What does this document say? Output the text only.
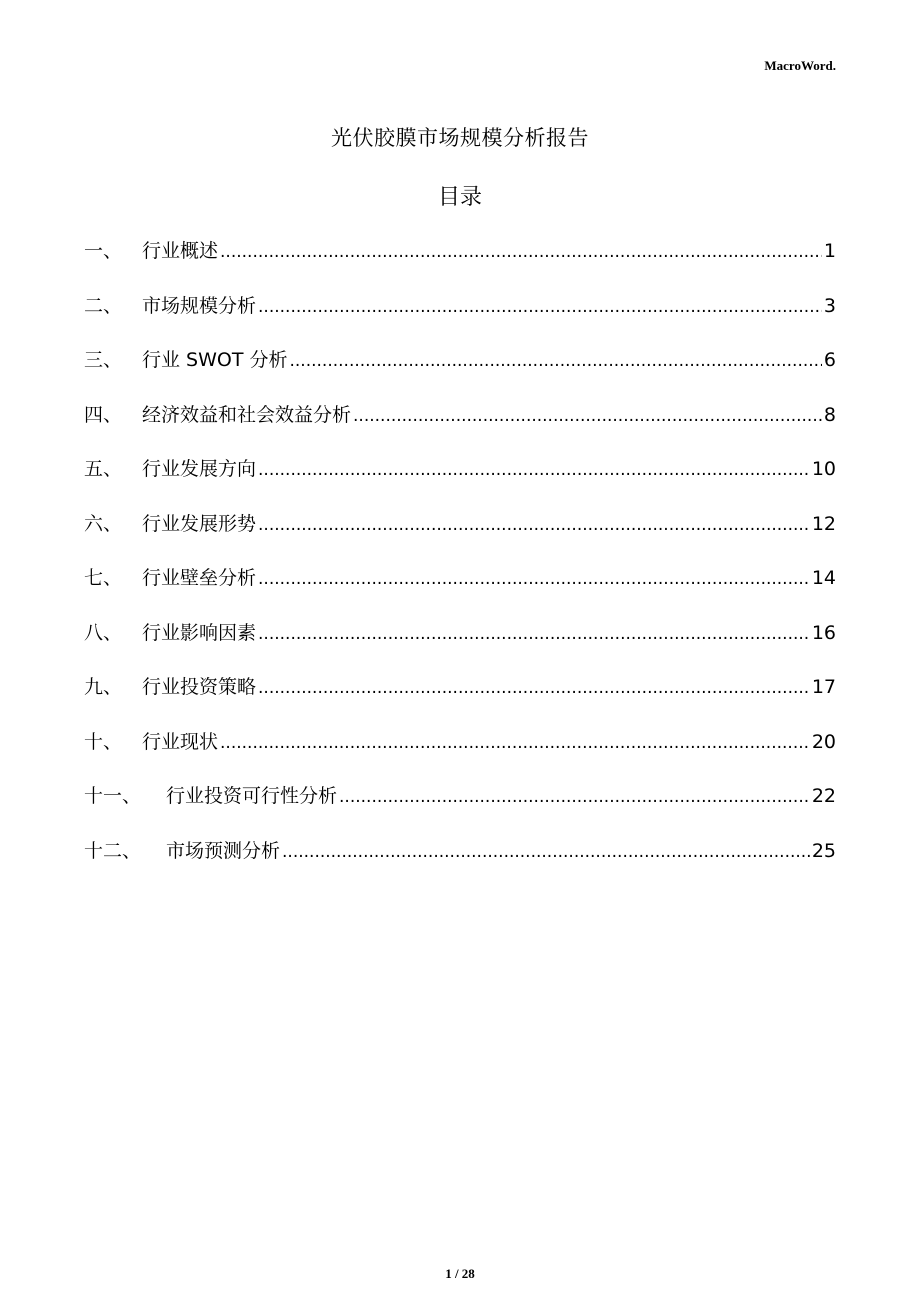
MacroWord.
光伏胶膜市场规模分析报告
目录
一、	行业概述 .....	1
二、	市场规模分析 .....	3
三、	行业 SWOT 分析 .....	6
四、	经济效益和社会效益分析 .....	8
五、	行业发展方向 .....	10
六、	行业发展形势 .....	12
七、	行业壁垒分析 .....	14
八、	行业影响因素 .....	16
九、	行业投资策略 .....	17
十、	行业现状 .....	20
十一、	行业投资可行性分析 .....	22
十二、	市场预测分析 .....	25
1 / 28
